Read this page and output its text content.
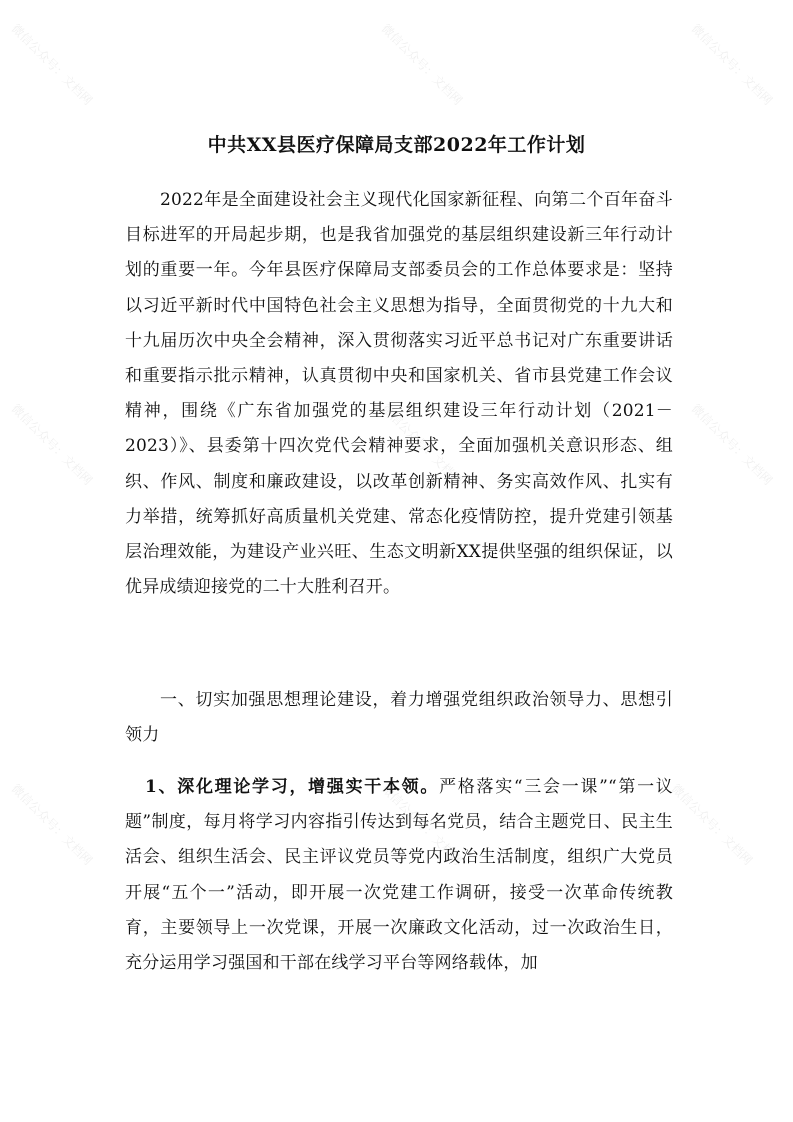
微信公众号：文档网	微信公众号：文档网	微信公众号：文档网
微信公众号：文档网	微信公众号：文档网	微信公众号：文档网
微信公众号：文档网	微信公众号：文档网	微信公众号：文档网
中共XX县医疗保障局支部2022年工作计划

2022年是全面建设社会主义现代化国家新征程、向第二个百年奋斗目标进军的开局起步期，也是我省加强党的基层组织建设新三年行动计划的重要一年。今年县医疗保障局支部委员会的工作总体要求是：坚持以习近平新时代中国特色社会主义思想为指导，全面贯彻党的十九大和十九届历次中央全会精神，深入贯彻落实习近平总书记对广东重要讲话和重要指示批示精神，认真贯彻中央和国家机关、省市县党建工作会议精神，围绕《广东省加强党的基层组织建设三年行动计划（2021－2023）》、县委第十四次党代会精神要求，全面加强机关意识形态、组织、作风、制度和廉政建设，以改革创新精神、务实高效作风、扎实有力举措，统筹抓好高质量机关党建、常态化疫情防控，提升党建引领基层治理效能，为建设产业兴旺、生态文明新XX提供坚强的组织保证，以优异成绩迎接党的二十大胜利召开。

一、切实加强思想理论建设，着力增强党组织政治领导力、思想引领力

1、深化理论学习，增强实干本领。严格落实“三会一课”“第一议题”制度，每月将学习内容指引传达到每名党员，结合主题党日、民主生活会、组织生活会、民主评议党员等党内政治生活制度，组织广大党员开展“五个一”活动，即开展一次党建工作调研，接受一次革命传统教育，主要领导上一次党课，开展一次廉政文化活动，过一次政治生日，充分运用学习强国和干部在线学习平台等网络载体，加
